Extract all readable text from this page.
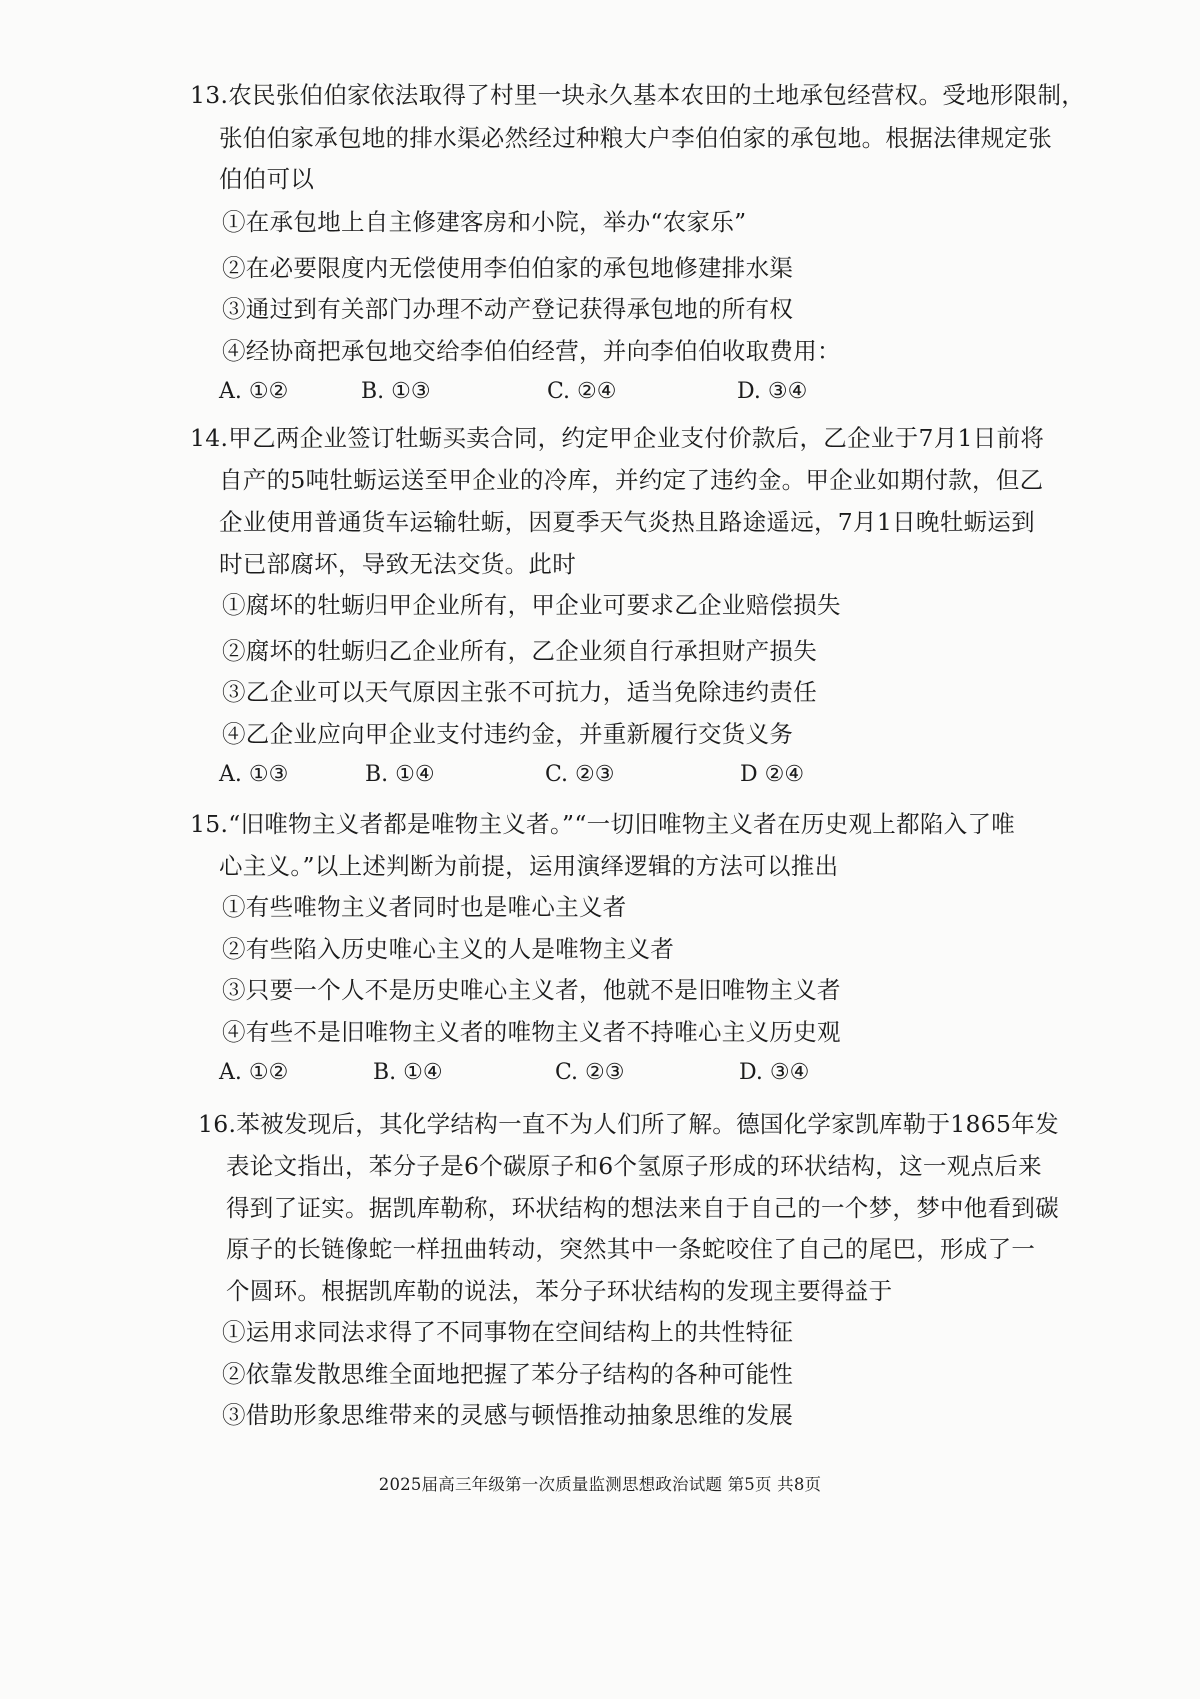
13.农民张伯伯家依法取得了村里一块永久基本农田的土地承包经营权。受地形限制，
张伯伯家承包地的排水渠必然经过种粮大户李伯伯家的承包地。根据法律规定张
伯伯可以
①在承包地上自主修建客房和小院，举办“农家乐”
②在必要限度内无偿使用李伯伯家的承包地修建排水渠
③通过到有关部门办理不动产登记获得承包地的所有权
④经协商把承包地交给李伯伯经营，并向李伯伯收取费用：
A. ①②	B. ①③	C. ②④	D. ③④
14.甲乙两企业签订牡蛎买卖合同，约定甲企业支付价款后，乙企业于7月1日前将
自产的5吨牡蛎运送至甲企业的冷库，并约定了违约金。甲企业如期付款，但乙
企业使用普通货车运输牡蛎，因夏季天气炎热且路途遥远，7月1日晚牡蛎运到
时已部腐坏，导致无法交货。此时
①腐坏的牡蛎归甲企业所有，甲企业可要求乙企业赔偿损失
②腐坏的牡蛎归乙企业所有，乙企业须自行承担财产损失
③乙企业可以天气原因主张不可抗力，适当免除违约责任
④乙企业应向甲企业支付违约金，并重新履行交货义务
A. ①③	B. ①④	C. ②③	D ②④
15.“旧唯物主义者都是唯物主义者。”“一切旧唯物主义者在历史观上都陷入了唯
心主义。”以上述判断为前提，运用演绎逻辑的方法可以推出
①有些唯物主义者同时也是唯心主义者
②有些陷入历史唯心主义的人是唯物主义者
③只要一个人不是历史唯心主义者，他就不是旧唯物主义者
④有些不是旧唯物主义者的唯物主义者不持唯心主义历史观
A. ①②	B. ①④	C. ②③	D. ③④
16.苯被发现后，其化学结构一直不为人们所了解。德国化学家凯库勒于1865年发
表论文指出，苯分子是6个碳原子和6个氢原子形成的环状结构，这一观点后来
得到了证实。据凯库勒称，环状结构的想法来自于自己的一个梦，梦中他看到碳
原子的长链像蛇一样扭曲转动，突然其中一条蛇咬住了自己的尾巴，形成了一
个圆环。根据凯库勒的说法，苯分子环状结构的发现主要得益于
①运用求同法求得了不同事物在空间结构上的共性特征
②依靠发散思维全面地把握了苯分子结构的各种可能性
③借助形象思维带来的灵感与顿悟推动抽象思维的发展
2025届高三年级第一次质量监测思想政治试题 第5页 共8页
